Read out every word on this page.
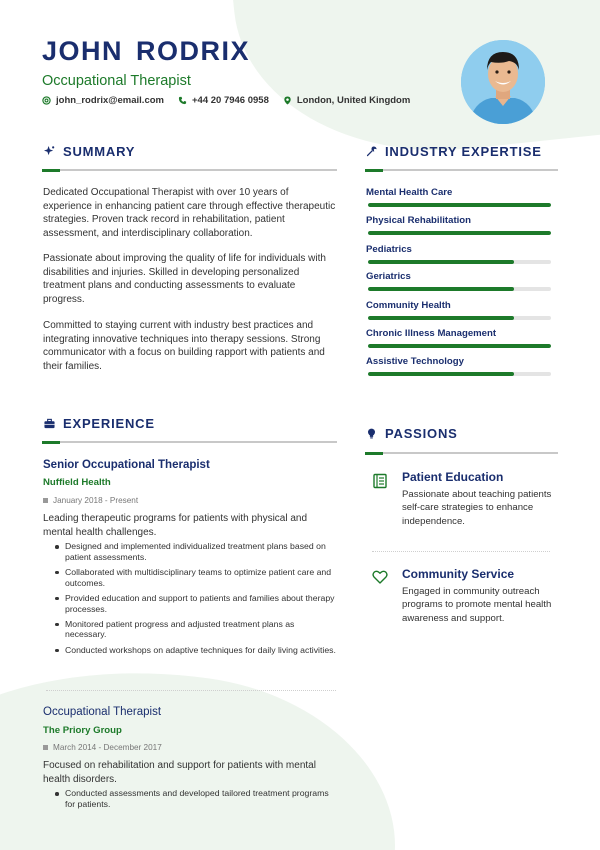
JOHN RODRIX
Occupational Therapist
john_rodrix@email.com	+44 20 7946 0958	London, United Kingdom
SUMMARY
Dedicated Occupational Therapist with over 10 years of experience in enhancing patient care through effective therapeutic strategies. Proven track record in rehabilitation, patient assessment, and interdisciplinary collaboration.
Passionate about improving the quality of life for individuals with disabilities and injuries. Skilled in developing personalized treatment plans and conducting assessments to evaluate progress.
Committed to staying current with industry best practices and integrating innovative techniques into therapy sessions. Strong communicator with a focus on building rapport with patients and their families.
INDUSTRY EXPERTISE
Mental Health Care
Physical Rehabilitation
Pediatrics
Geriatrics
Community Health
Chronic Illness Management
Assistive Technology
EXPERIENCE
Senior Occupational Therapist
Nuffield Health
January 2018 - Present
Leading therapeutic programs for patients with physical and mental health challenges.
Designed and implemented individualized treatment plans based on patient assessments.
Collaborated with multidisciplinary teams to optimize patient care and outcomes.
Provided education and support to patients and families about therapy processes.
Monitored patient progress and adjusted treatment plans as necessary.
Conducted workshops on adaptive techniques for daily living activities.
Occupational Therapist
The Priory Group
March 2014 - December 2017
Focused on rehabilitation and support for patients with mental health disorders.
Conducted assessments and developed tailored treatment programs for patients.
PASSIONS
Patient Education
Passionate about teaching patients self-care strategies to enhance independence.
Community Service
Engaged in community outreach programs to promote mental health awareness and support.
